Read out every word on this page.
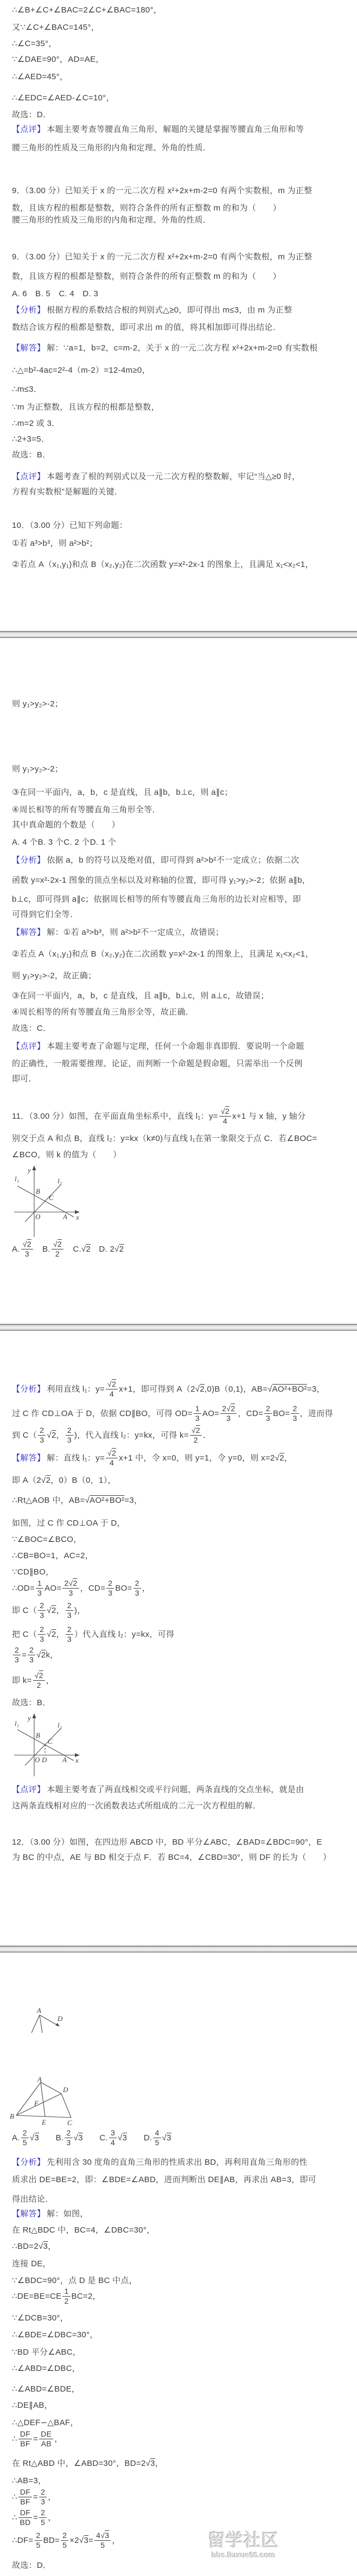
y
l₁	l₂
B
C
O	A x
y
l₁	l₂
B
C
O D A x
A
D
A
B
C
D
E
F
留学社区
bbs.liuxue86.com
∴∠B+∠C+∠BAC=2∠C+∠BAC=180°，
又∵∠C+∠BAC=145°，
∴∠C=35°，
∵∠DAE=90°，AD=AE，
∴∠AED=45°，
∴∠EDC=∠AED-∠C=10°，
故选：D．
【点评】 本题主要考查等腰直角三角形，解题的关键是掌握等腰直角三角形和等
腰三角形的性质及三角形的内角和定理、外角的性质．
9．（3.00 分）已知关于 x 的一元二次方程 x²+2x+m-2=0 有两个实数根，m 为正整
数，且该方程的根都是整数，则符合条件的所有正整数 m 的和为（　　）
腰三角形的性质及三角形的内角和定理、外角的性质．
9．（3.00 分）已知关于 x 的一元二次方程 x²+2x+m-2=0 有两个实数根，m 为正整
数，且该方程的根都是整数，则符合条件的所有正整数 m 的和为（　　）
A. 6　B. 5　C. 4　D. 3
【分析】 根据方程的系数结合根的判别式△≥0，即可得出 m≤3，由 m 为正整
数结合该方程的根都是整数，即可求出 m 的值，将其相加即可得出结论．
【解答】 解：∵a=1，b=2，c=m-2，关于 x 的一元二次方程 x²+2x+m-2=0 有实数根
∴△=b²-4ac=2²-4（m-2）=12-4m≥0，
∴m≤3．
∵m 为正整数，且该方程的根都是整数，
∴m=2 或 3．
∴2+3=5．
故选：B．
【点评】 本题考查了根的判别式以及一元二次方程的整数解，牢记“当△≥0 时，
方程有实数根”是解题的关键．
10．（3.00 分）已知下列命题：
①若 a³>b³，则 a²>b²；
②若点 A（x₁,y₁)和点 B（x₂,y₂)在二次函数 y=x²-2x-1 的图象上，且满足 x₁<x₂<1，
则 y₁>y₂>-2；
则 y₁>y₂>-2；
③在同一平面内，a，b，c 是直线，且 a∥b，b⊥c，则 a∥c；
④周长相等的所有等腰直角三角形全等．
其中真命题的个数是（　　）
A. 4 个B. 3 个C. 2 个D. 1 个
【分析】 依据 a，b 的符号以及绝对值，即可得到 a²>b²不一定成立；依据二次
函数 y=x²-2x-1 图象的顶点坐标以及对称轴的位置，即可得 y₁>y₂>-2；依据 a∥b，
b⊥c，即可得到 a∥c；依据周长相等的所有等腰直角三角形的边长对应相等，即
可得到它们全等．
【解答】 解：①若 a³>b³，则 a²>b²不一定成立，故错误；
②若点 A（x₁,y₁)和点 B（x₂,y₂)在二次函数 y=x²-2x-1 的图象上，且满足 x₁<x₂<1，
则 y₁>y₂>-2，故正确；
③在同一平面内，a，b，c 是直线，且 a∥b，b⊥c，则 a⊥c，故错误；
④周长相等的所有等腰直角三角形全等，故正确．
故选：C．
【点评】 本题主要考查了命题与定理，任何一个命题非真即假．要说明一个命题
的正确性，一般需要推理、论证，而判断一个命题是假命题，只需举出一个反例
即可．
11．（3.00 分）如图，在平面直角坐标系中，直线 l₁：$y= \frac{√2}{4} x+1$ 与 x 轴，y 轴分
别交于点 A 和点 B，直线 l₂：y=kx（k≠0)与直线 l₁在第一象限交于点 C．若∠BOC=
∠BCO，则 k 的值为（　　）
A. $\frac{√2}{3}$ 　B. $\frac{√2}{2}$ 　C. √2 　D. 2 √2
【分析】 利用直线 l₁：$y= \frac{√2}{4} x+1$，即可得到 A（2 √2 ,0)B（0,1)，AB= √AO²+BO² =3，
过 C 作 CD⊥OA 于 D，依据 CD∥BO，可得 $OD= \frac{1}{3} AO= \frac{2 √2}{3}$ ，$CD= \frac{2}{3} BO= \frac{2}{3}$ ，进而得
到 $C( \frac{2}{3} √2$ ， $\frac{2}{3}$ )，代入直线 l₂：y=kx，可得 $k= \frac{√2}{2}$ ．
【解答】 解：直线 l₁：$y= \frac{√2}{4} x+1$ 中，令 x=0，则 y=1，令 y=0，则 x=2 √2 ，
即 A（2 √2 ，0）B（0，1），
∴Rt△AOB 中，AB= √AO²+BO² =3，
如图，过 C 作 CD⊥OA 于 D，
∵∠BOC=∠BCO，
∴CB=BO=1，AC=2，
∵CD∥BO，
∴OD= $\frac{1}{3} AO= \frac{2 √2}{3}$ ，$CD= \frac{2}{3} BO= \frac{2}{3}$ ，
即 $C( \frac{2}{3} √2$ ， $\frac{2}{3}$ )，
把 $C( \frac{2}{3} √2$ ， $\frac{2}{3}$ ）代入直线 l₂：y=kx，可得
$\frac{2}{3} = \frac{2}{3} √2$ k，
即 $k= \frac{√2}{2}$ ，
故选：B．
【点评】 本题主要考查了两直线相交或平行问题，两条直线的交点坐标，就是由
这两条直线相对应的一次函数表达式所组成的二元一次方程组的解．
12．（3.00 分）如图，在四边形 ABCD 中，BD 平分∠ABC，∠BAD=∠BDC=90°，E
为 BC 的中点，AE 与 BD 相交于点 F．若 BC=4，∠CBD=30°，则 DF 的长为（　　）
A. $\frac{2}{5} √3$ 　　B. $\frac{2}{3} √3$ 　　C. $\frac{3}{4} √3$ 　　D. $\frac{4}{5} √3$
【分析】 先利用含 30 度角的直角三角形的性质求出 BD，再利用直角三角形的性
质求出 DE=BE=2，即：∠BDE=∠ABD，进而判断出 DE∥AB，再求出 AB=3，即可
得出结论．
【解答】 解：如图，
在 Rt△BDC 中，BC=4，∠DBC=30°，
∴BD=2 √3 ，
连接 DE，
∵∠BDC=90°，点 D 是 BC 中点，
∴DE=BE=CE $\frac{1}{2} BC=2$，
∵∠DCB=30°，
∴∠BDE=∠DBC=30°，
∵BD 平分∠ABC，
∴∠ABD=∠DBC，
∴∠ABD=∠BDE，
∴DE∥AB，
∴△DEF∽△BAF，
∴ $\frac{DF}{BF} = \frac{DE}{AB}$ ，
在 Rt△ABD 中，∠ABD=30°，BD=2 √3 ，
∴AB=3，
∴ $\frac{DF}{BF} = \frac{2}{3}$ ，
∴ $\frac{DF}{BD} = \frac{2}{5}$ ，
∴DF= $\frac{2}{5} BD= \frac{2}{5} \times 2$ $√3 = \frac{4 √3}{5}$ ，
故选：D．
